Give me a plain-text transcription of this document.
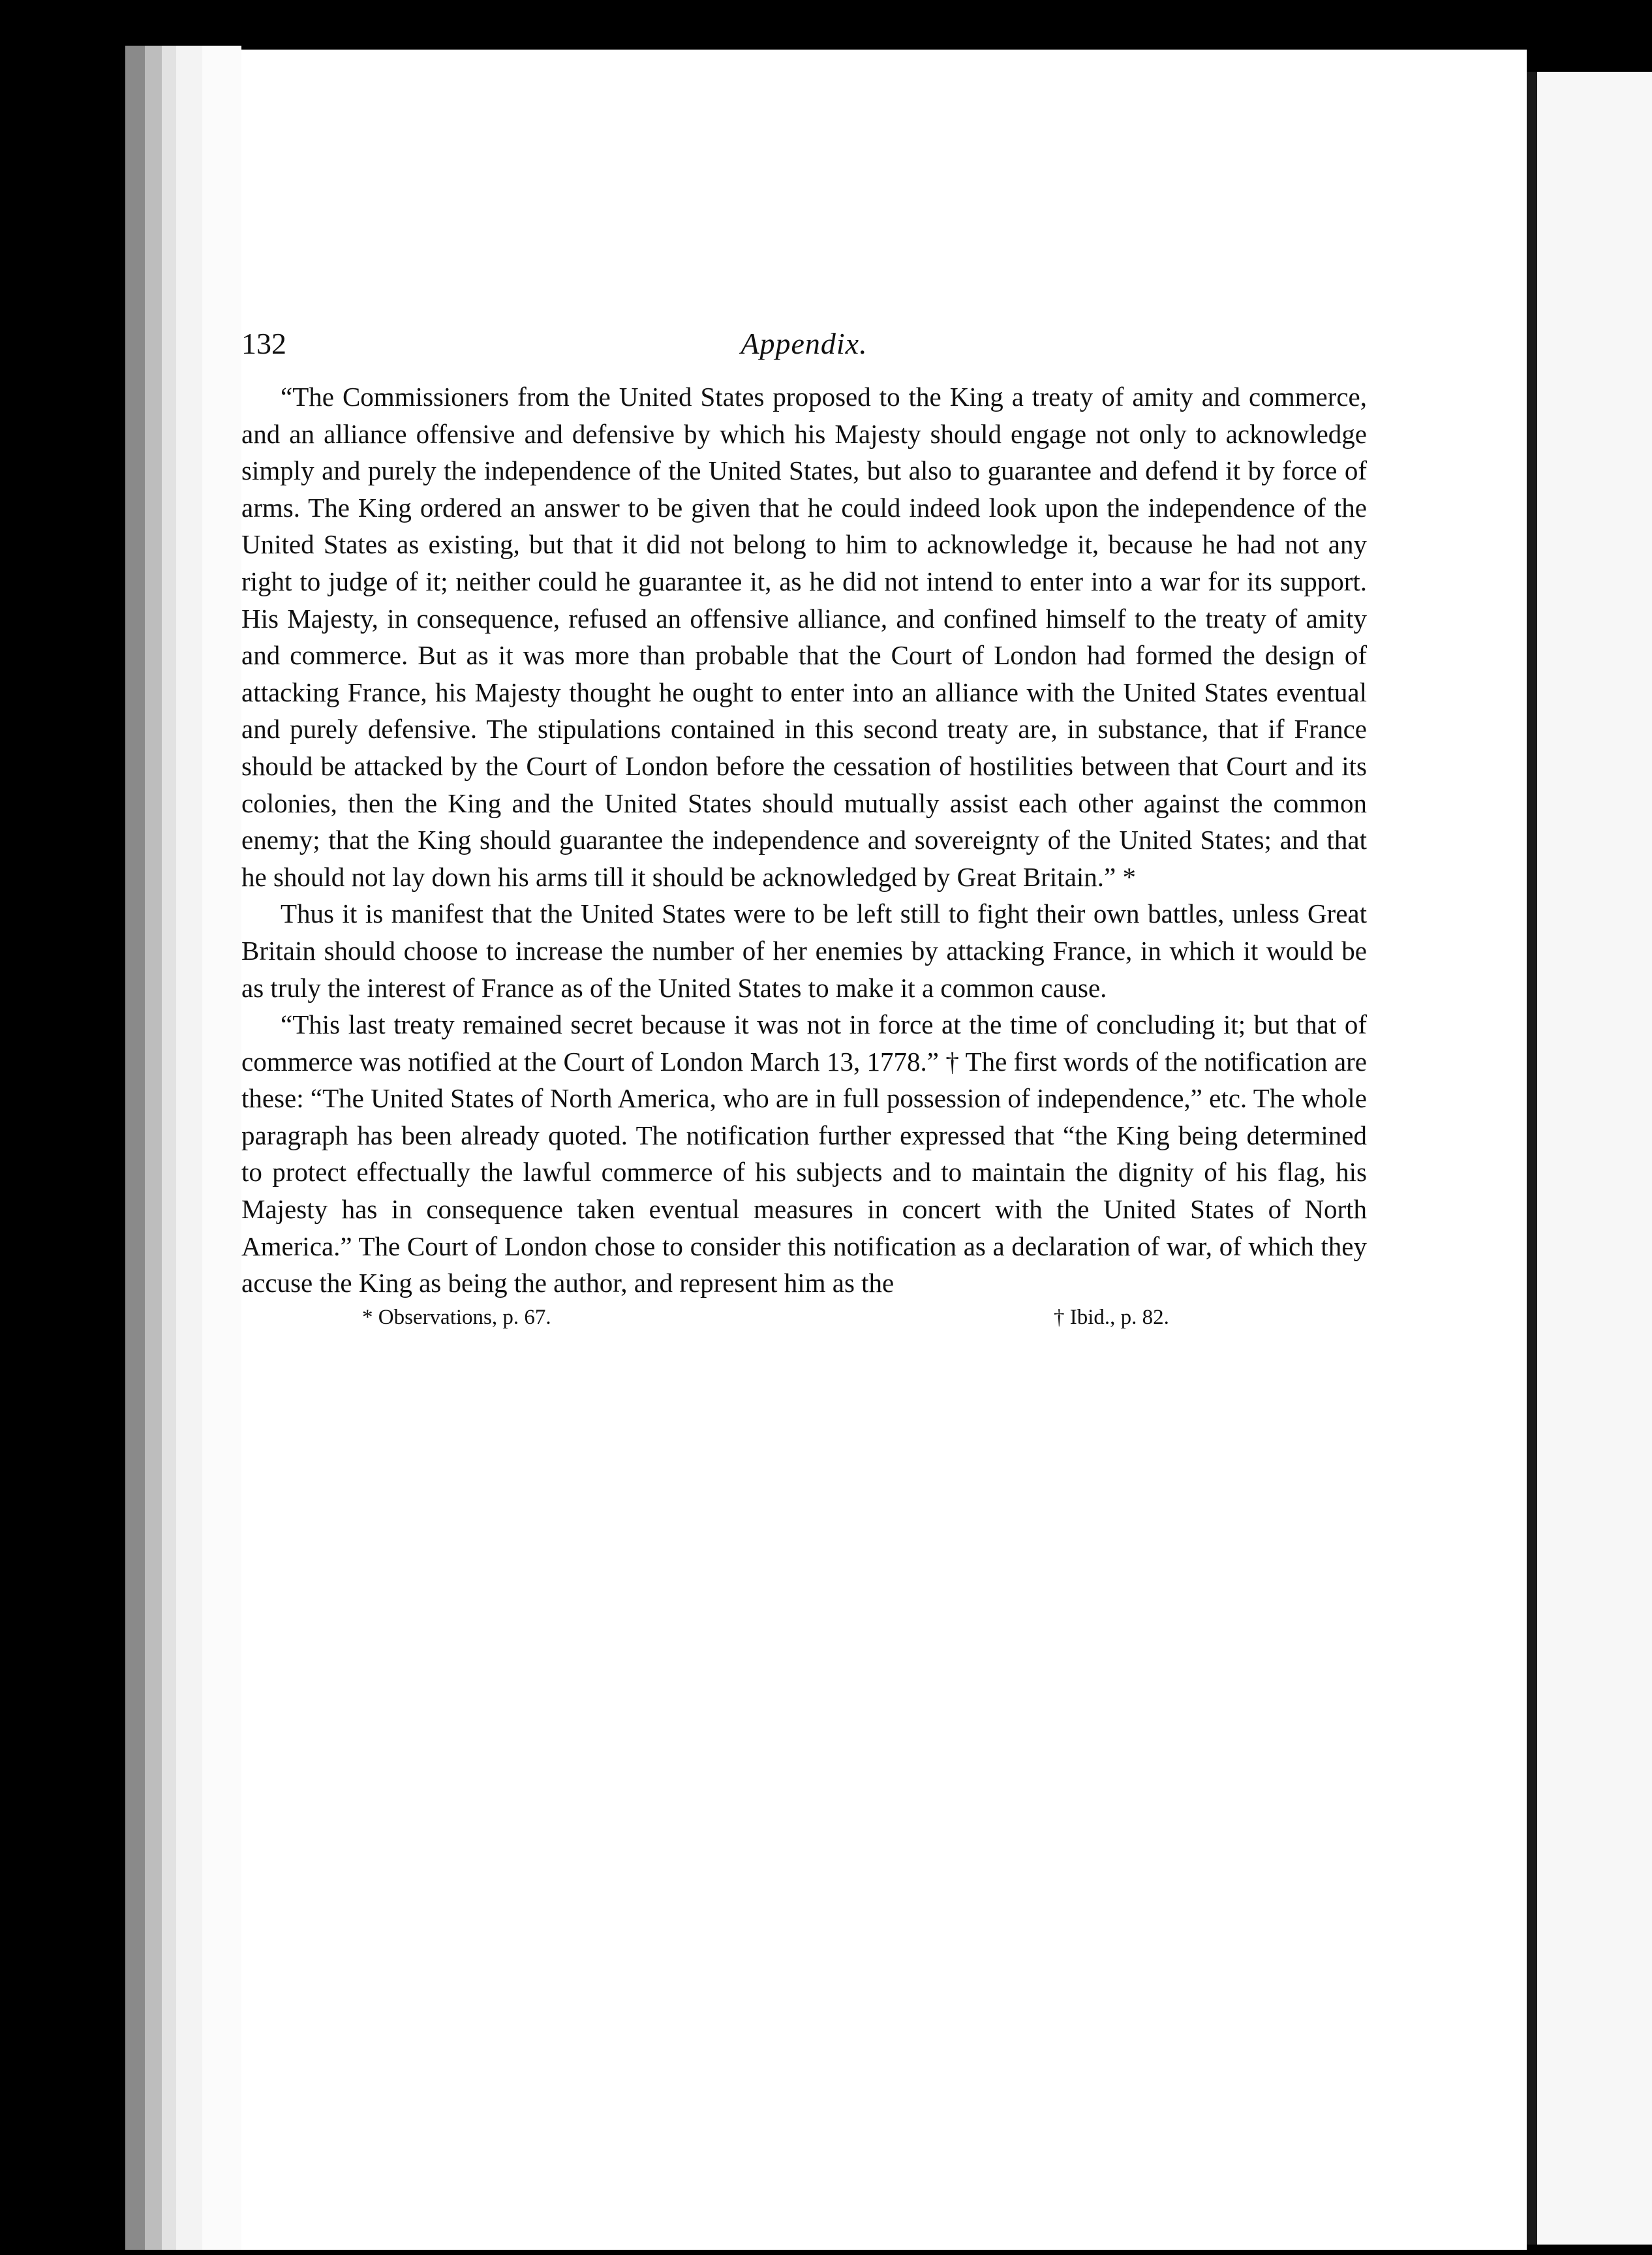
132	Appendix.

“The Commissioners from the United States proposed to the King a treaty of amity and commerce, and an alliance offensive and defensive by which his Majesty should engage not only to acknowledge simply and purely the independence of the United States, but also to guarantee and defend it by force of arms. The King ordered an answer to be given that he could indeed look upon the independence of the United States as existing, but that it did not belong to him to acknowledge it, because he had not any right to judge of it; neither could he guarantee it, as he did not intend to enter into a war for its support. His Majesty, in consequence, refused an offensive alliance, and confined himself to the treaty of amity and commerce. But as it was more than probable that the Court of London had formed the design of attacking France, his Majesty thought he ought to enter into an alliance with the United States eventual and purely defensive. The stipulations contained in this second treaty are, in substance, that if France should be attacked by the Court of London before the cessation of hostilities between that Court and its colonies, then the King and the United States should mutually assist each other against the common enemy; that the King should guarantee the independence and sovereignty of the United States; and that he should not lay down his arms till it should be acknowledged by Great Britain.” *

Thus it is manifest that the United States were to be left still to fight their own battles, unless Great Britain should choose to increase the number of her enemies by attacking France, in which it would be as truly the interest of France as of the United States to make it a common cause.

“This last treaty remained secret because it was not in force at the time of concluding it; but that of commerce was notified at the Court of London March 13, 1778.” † The first words of the notification are these: “The United States of North America, who are in full possession of independence,” etc. The whole paragraph has been already quoted. The notification further expressed that “the King being determined to protect effectually the lawful commerce of his subjects and to maintain the dignity of his flag, his Majesty has in consequence taken eventual measures in concert with the United States of North America.” The Court of London chose to consider this notification as a declaration of war, of which they accuse the King as being the author, and represent him as the

* Observations, p. 67.	† Ibid., p. 82.
